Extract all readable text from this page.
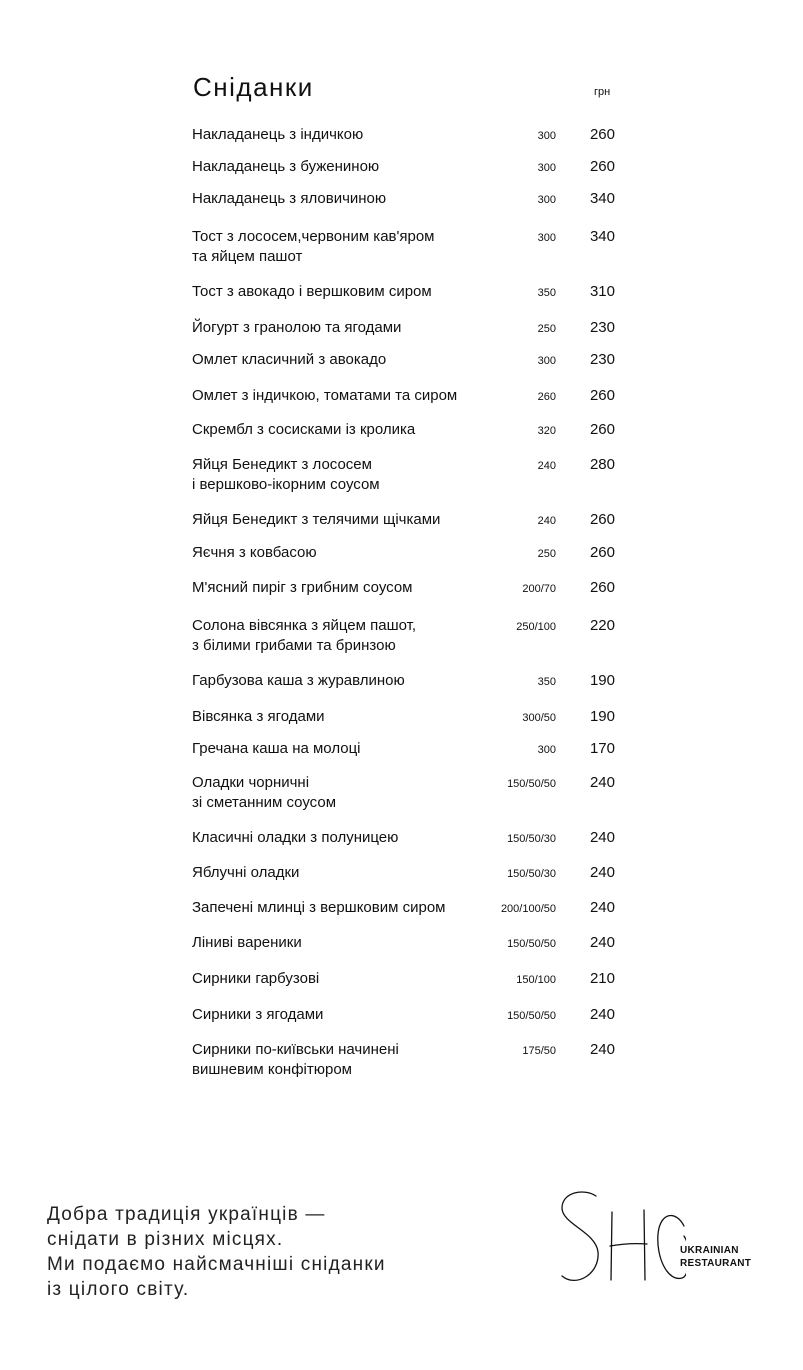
Сніданки	грн
Накладанець з індичкою	300 260
Накладанець з бужениною	300 260
Накладанець з яловичиною	300 340
Тост з лососем,червоним кав'яром
та яйцем пашот
300 340
Тост з авокадо і вершковим сиром	350 310
Йогурт з гранолою та ягодами	250 230
Омлет класичний з авокадо	300 230
Омлет з індичкою, томатами та сиром	260 260
Скрембл з сосисками із кролика	320 260
Яйця Бенедикт з лососем
і вершково-ікорним соусом
240 280
Яйця Бенедикт з телячими щічками	240 260
Яєчня з ковбасою	250 260
М'ясний пиріг з грибним соусом	200/70 260
Солона вівсянка з яйцем пашот,
з білими грибами та бринзою
250/100 220
Гарбузова каша з журавлиною	350 190
Вівсянка з ягодами	300/50 190
Гречана каша на молоці	300 170
Оладки чорничні
зі сметанним соусом
150/50/50 240
Класичні оладки з полуницею	150/50/30 240
Яблучні оладки	150/50/30 240
Запечені млинці з вершковим сиром	200/100/50 240
Ліниві вареники	150/50/50 240
Сирники гарбузові	150/100 210
Сирники з ягодами	150/50/50 240
Сирники по-київськи начинені
вишневим конфітюром
175/50 240

Добра традиція українців —
снідати в різних місцях.
Ми подаємо найсмачніші сніданки
із цілого світу.

UKRAINIAN
RESTAURANT
